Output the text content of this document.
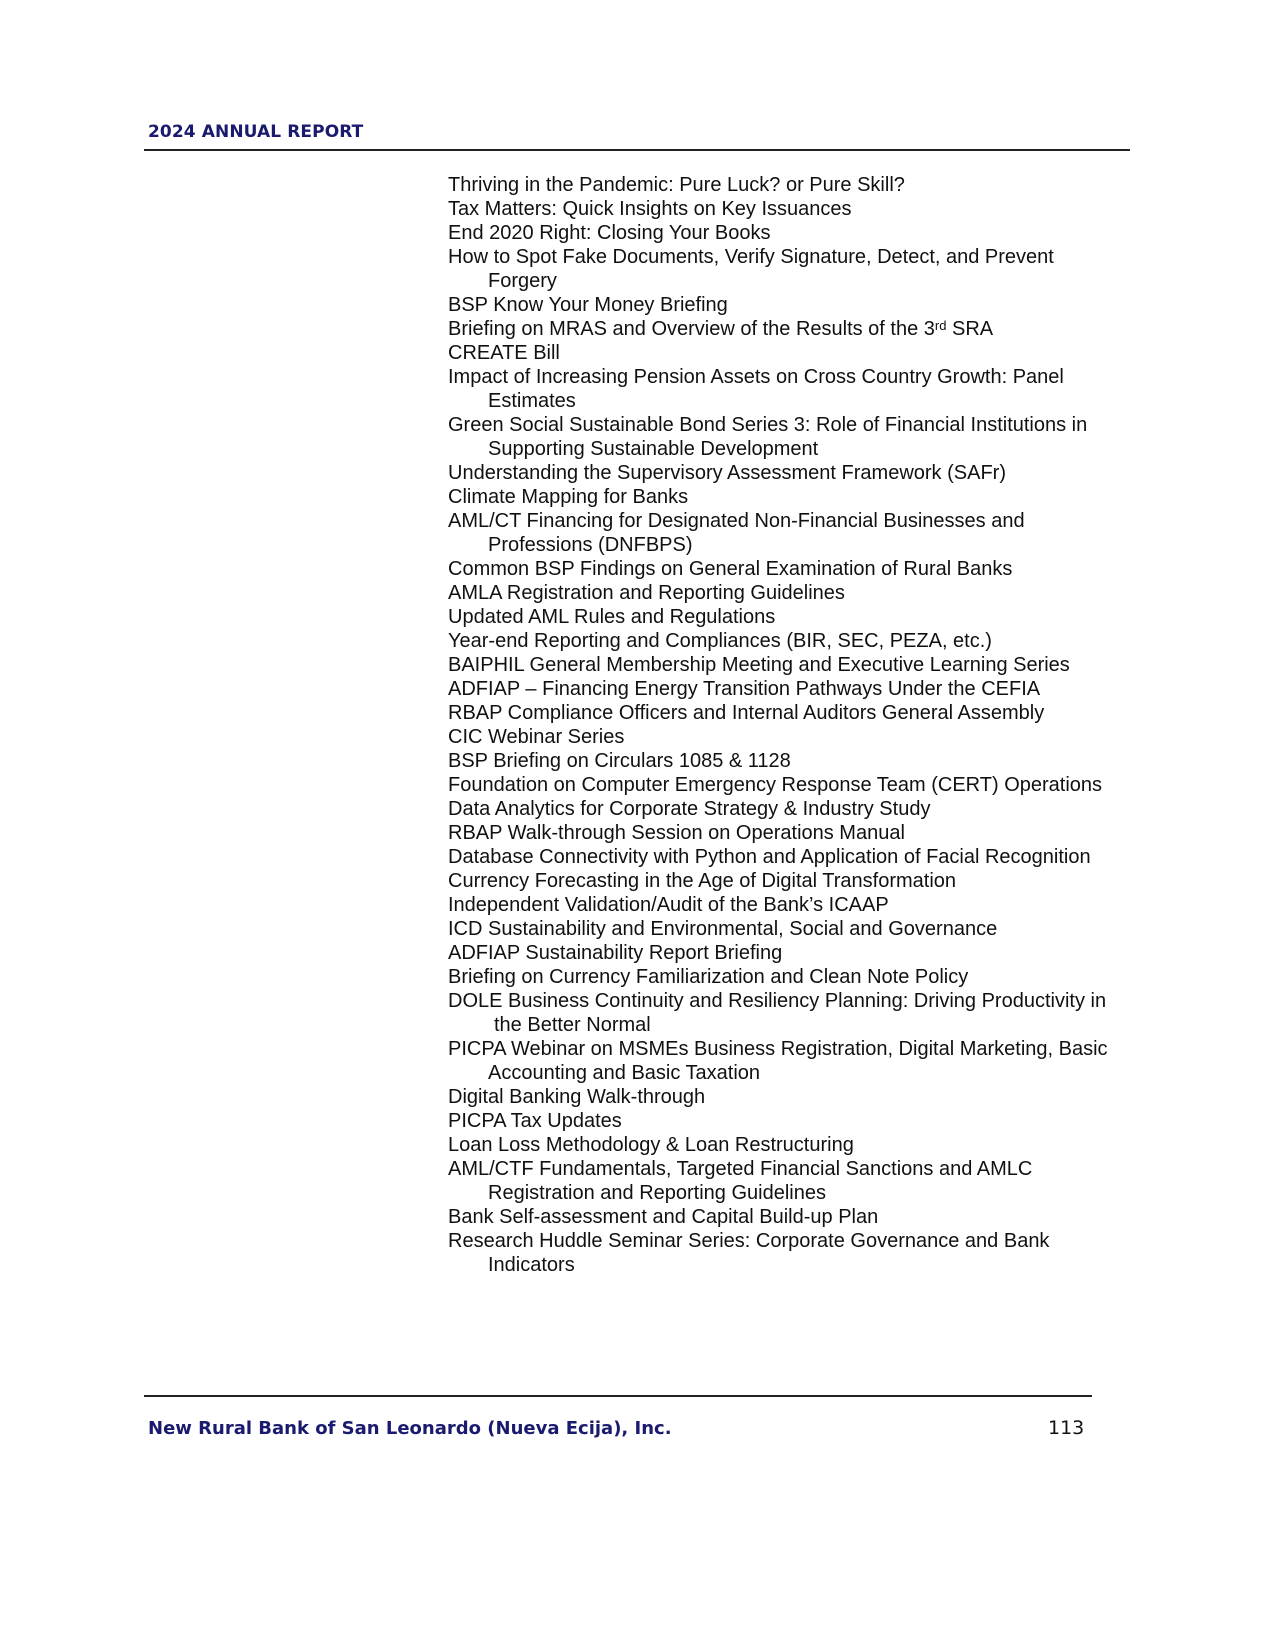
2024 ANNUAL REPORT
Thriving in the Pandemic: Pure Luck? or Pure Skill?
Tax Matters: Quick Insights on Key Issuances
End 2020 Right: Closing Your Books
How to Spot Fake Documents, Verify Signature, Detect, and Prevent Forgery
BSP Know Your Money Briefing
Briefing on MRAS and Overview of the Results of the 3rd SRA
CREATE Bill
Impact of Increasing Pension Assets on Cross Country Growth: Panel Estimates
Green Social Sustainable Bond Series 3: Role of Financial Institutions in Supporting Sustainable Development
Understanding the Supervisory Assessment Framework (SAFr)
Climate Mapping for Banks
AML/CT Financing for Designated Non-Financial Businesses and Professions (DNFBPS)
Common BSP Findings on General Examination of Rural Banks
AMLA Registration and Reporting Guidelines
Updated AML Rules and Regulations
Year-end Reporting and Compliances (BIR, SEC, PEZA, etc.)
BAIPHIL General Membership Meeting and Executive Learning Series
ADFIAP – Financing Energy Transition Pathways Under the CEFIA
RBAP Compliance Officers and Internal Auditors General Assembly
CIC Webinar Series
BSP Briefing on Circulars 1085 & 1128
Foundation on Computer Emergency Response Team (CERT) Operations
Data Analytics for Corporate Strategy & Industry Study
RBAP Walk-through Session on Operations Manual
Database Connectivity with Python and Application of Facial Recognition
Currency Forecasting in the Age of Digital Transformation
Independent Validation/Audit of the Bank’s ICAAP
ICD Sustainability and Environmental, Social and Governance
ADFIAP Sustainability Report Briefing
Briefing on Currency Familiarization and Clean Note Policy
DOLE Business Continuity and Resiliency Planning: Driving Productivity in the Better Normal
PICPA Webinar on MSMEs Business Registration, Digital Marketing, Basic Accounting and Basic Taxation
Digital Banking Walk-through
PICPA Tax Updates
Loan Loss Methodology & Loan Restructuring
AML/CTF Fundamentals, Targeted Financial Sanctions and AMLC Registration and Reporting Guidelines
Bank Self-assessment and Capital Build-up Plan
Research Huddle Seminar Series: Corporate Governance and Bank Indicators
New Rural Bank of San Leonardo (Nueva Ecija), Inc.	113
